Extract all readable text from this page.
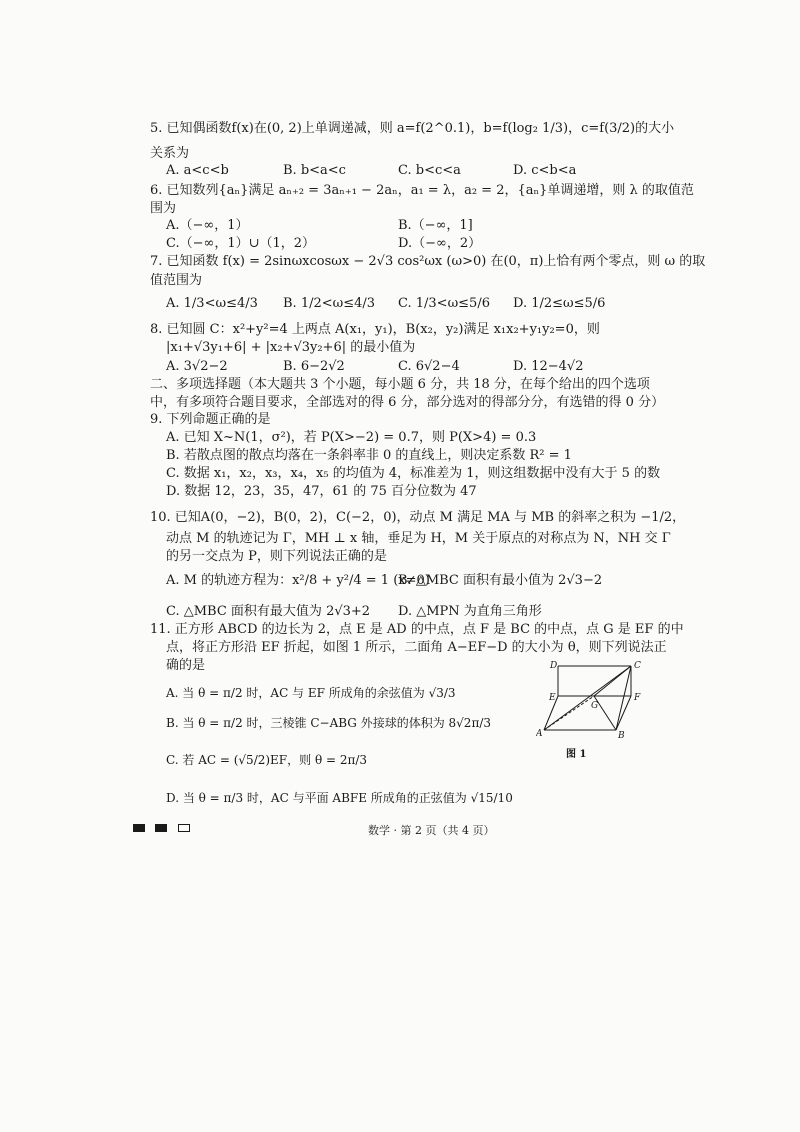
5. 已知偶函数f(x)在(0, 2)上单调递减，则 a=f(2^0.1)，b=f(log₂ 1/3)，c=f(3/2)的大小
关系为
A. a<c<b	B. b<a<c	C. b<c<a	D. c<b<a
6. 已知数列{aₙ}满足 aₙ₊₂ = 3aₙ₊₁ − 2aₙ，a₁ = λ，a₂ = 2，{aₙ}单调递增，则 λ 的取值范
围为
A.（−∞，1）	B.（−∞，1]
C.（−∞，1）∪（1，2）	D.（−∞，2）
7. 已知函数 f(x) = 2sinωxcosωx − 2√3 cos²ωx (ω>0) 在(0，π)上恰有两个零点，则 ω 的取
值范围为
A. 1/3<ω≤4/3 B. 1/2<ω≤4/3 C. 1/3<ω≤5/6 D. 1/2≤ω≤5/6
8. 已知圆 C：x²+y²=4 上两点 A(x₁，y₁)，B(x₂，y₂)满足 x₁x₂+y₁y₂=0，则
|x₁+√3y₁+6| + |x₂+√3y₂+6| 的最小值为
A. 3√2−2	B. 6−2√2	C. 6√2−4	D. 12−4√2
二、多项选择题（本大题共 3 个小题，每小题 6 分，共 18 分，在每个给出的四个选项
中，有多项符合题目要求，全部选对的得 6 分，部分选对的得部分分，有选错的得 0 分）
9. 下列命题正确的是
A. 已知 X~N(1，σ²)，若 P(X>−2) = 0.7，则 P(X>4) = 0.3
B. 若散点图的散点均落在一条斜率非 0 的直线上，则决定系数 R² = 1
C. 数据 x₁，x₂，x₃，x₄，x₅ 的均值为 4，标准差为 1，则这组数据中没有大于 5 的数
D. 数据 12，23，35，47，61 的 75 百分位数为 47
10. 已知A(0，−2)，B(0，2)，C(−2，0)，动点 M 满足 MA 与 MB 的斜率之积为 −1/2，
动点 M 的轨迹记为 Γ，MH ⊥ x 轴，垂足为 H，M 关于原点的对称点为 N，NH 交 Γ
的另一交点为 P，则下列说法正确的是
A. M 的轨迹方程为：x²/8 + y²/4 = 1 (x≠0)
B. △MBC 面积有最小值为 2√3−2
C. △MBC 面积有最大值为 2√3+2 D. △MPN 为直角三角形
11. 正方形 ABCD 的边长为 2，点 E 是 AD 的中点，点 F 是 BC 的中点，点 G 是 EF 的中
点，将正方形沿 EF 折起，如图 1 所示，二面角 A−EF−D 的大小为 θ，则下列说法正
确的是
A. 当 θ = π/2 时，AC 与 EF 所成角的余弦值为 √3/3
B. 当 θ = π/2 时，三棱锥 C−ABG 外接球的体积为 8√2π/3
C. 若 AC = (√5/2)EF，则 θ = 2π/3
D. 当 θ = π/3 时，AC 与平面 ABFE 所成角的正弦值为 √15/10
D	C
E	F
G
A	B
图 1
数学 · 第 2 页（共 4 页）
